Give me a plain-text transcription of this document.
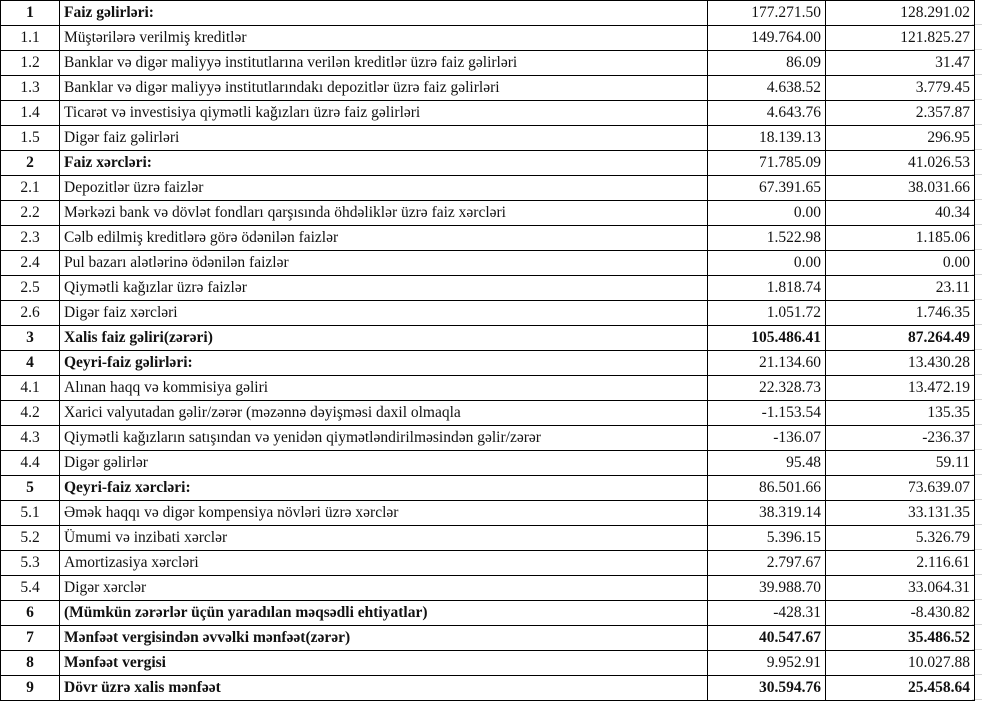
1	Faiz gəlirləri:	177.271.50	128.291.02
1.1	Müştərilərə verilmiş kreditlər	149.764.00	121.825.27
1.2	Banklar və digər maliyyə institutlarına verilən kreditlər üzrə faiz gəlirləri	86.09	31.47
1.3	Banklar və digər maliyyə institutlarındakı depozitlər üzrə faiz gəlirləri	4.638.52	3.779.45
1.4	Ticarət və investisiya qiymətli kağızları üzrə faiz gəlirləri	4.643.76	2.357.87
1.5	Digər faiz gəlirləri	18.139.13	296.95
2	Faiz xərcləri:	71.785.09	41.026.53
2.1	Depozitlər üzrə faizlər	67.391.65	38.031.66
2.2	Mərkəzi bank və dövlət fondları qarşısında öhdəliklər üzrə faiz xərcləri	0.00	40.34
2.3	Cəlb edilmiş kreditlərə görə ödənilən faizlər	1.522.98	1.185.06
2.4	Pul bazarı alətlərinə ödənilən faizlər	0.00	0.00
2.5	Qiymətli kağızlar üzrə faizlər	1.818.74	23.11
2.6	Digər faiz xərcləri	1.051.72	1.746.35
3	Xalis faiz gəliri(zərəri)	105.486.41	87.264.49
4	Qeyri-faiz gəlirləri:	21.134.60	13.430.28
4.1	Alınan haqq və kommisiya gəliri	22.328.73	13.472.19
4.2	Xarici valyutadan gəlir/zərər (məzənnə dəyişməsi daxil olmaqla	-1.153.54	135.35
4.3	Qiymətli kağızların satışından və yenidən qiymətləndirilməsindən gəlir/zərər	-136.07	-236.37
4.4	Digər gəlirlər	95.48	59.11
5	Qeyri-faiz xərcləri:	86.501.66	73.639.07
5.1	Əmək haqqı və digər kompensiya növləri üzrə xərclər	38.319.14	33.131.35
5.2	Ümumi və inzibati xərclər	5.396.15	5.326.79
5.3	Amortizasiya xərcləri	2.797.67	2.116.61
5.4	Digər xərclər	39.988.70	33.064.31
6	(Mümkün zərərlər üçün yaradılan məqsədli ehtiyatlar)	-428.31	-8.430.82
7	Mənfəət vergisindən əvvəlki mənfəət(zərər)	40.547.67	35.486.52
8	Mənfəət vergisi	9.952.91	10.027.88
9	Dövr üzrə xalis mənfəət	30.594.76	25.458.64
